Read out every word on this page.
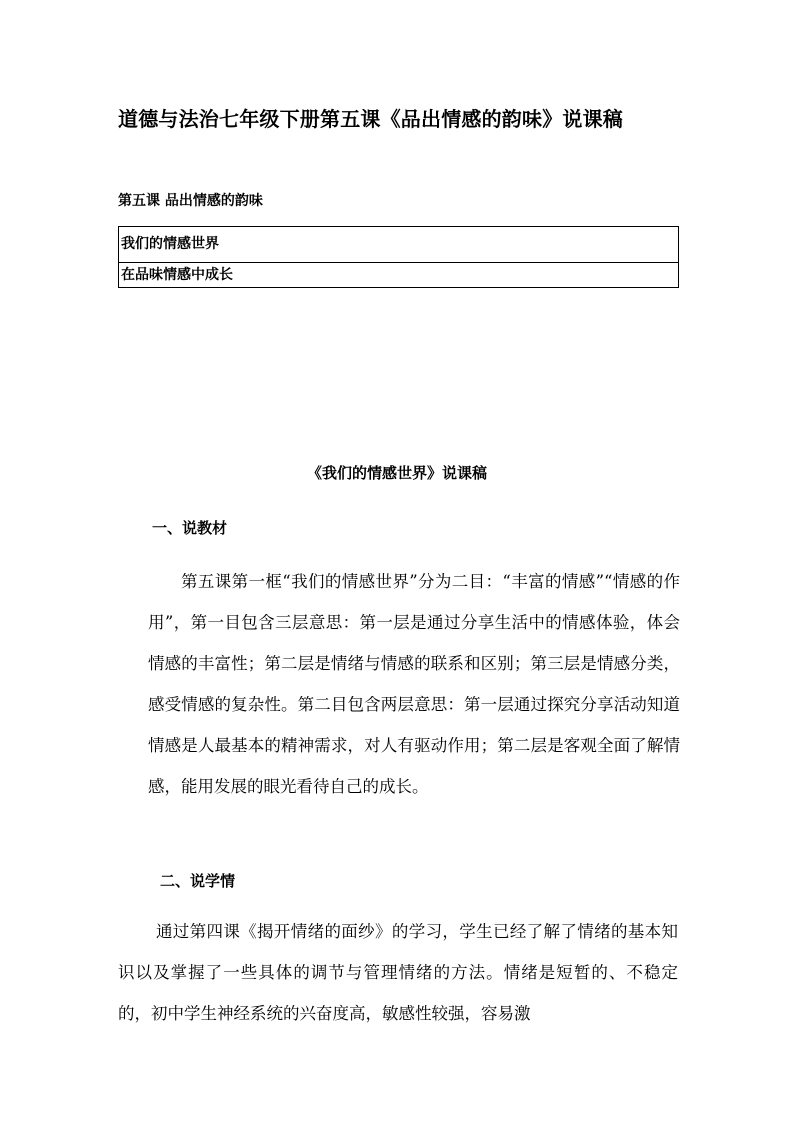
道德与法治七年级下册第五课《品出情感的韵味》说课稿
第五课 品出情感的韵味
我们的情感世界
在品味情感中成长
《我们的情感世界》说课稿
一、说教材

第五课第一框“我们的情感世界”分为二目：“丰富的情感”“情感的作用”，第一目包含三层意思：第一层是通过分享生活中的情感体验，体会情感的丰富性；第二层是情绪与情感的联系和区别；第三层是情感分类，感受情感的复杂性。第二目包含两层意思：第一层通过探究分享活动知道情感是人最基本的精神需求，对人有驱动作用；第二层是客观全面了解情感，能用发展的眼光看待自己的成长。

二、说学情

通过第四课《揭开情绪的面纱》的学习，学生已经了解了情绪的基本知识以及掌握了一些具体的调节与管理情绪的方法。情绪是短暂的、不稳定的，初中学生神经系统的兴奋度高，敏感性较强，容易激
